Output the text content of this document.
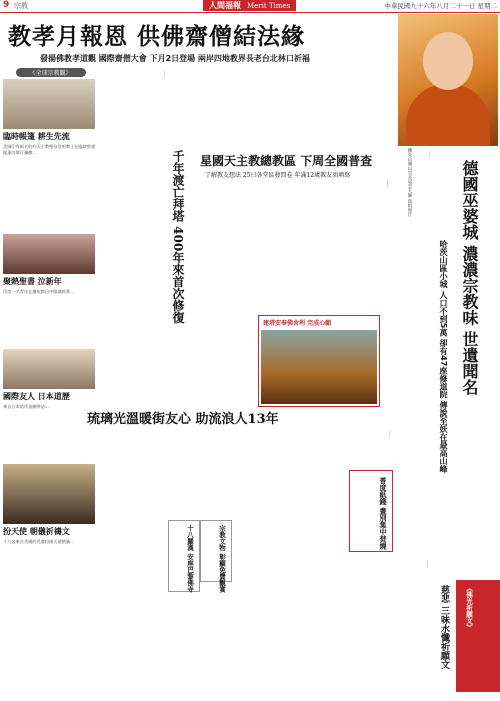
9 宗教	人間福報 Merit Times	中華民國九十六年八月二十一日 星期二
教孝月報恩 供佛齋僧結法緣
發揚佛教孝道觀 國際齋僧大會 下月2日登場 兩岸四地教界長老台北林口祈福
佛光山開山宗長星雲大師 資料照片
《全球宗教觀》
臨時帳篷 耕生先流
美國印有兩名的約天主教聖母堂的教士在臨時搭建帳篷內舉行彌撒…
聚熱聖書 泣新年
印度一名青年在慶祝節日中閱讀經書…
國際友人 日本道歷
來自日本的代表團參訪…
扮天使 朝儀祈禱文
十九名來自美國的兒童扮演天使朝儀…
千年渡亡拜塔 400年來首次修復
……
星國天主教總教區 下周全國普查
了解教友想法 25日各堂區發問卷 年滿12歲教友須填寫
……
建塔安奉佛舍利 完成心願
琉璃光溫暖街友心 助流浪人13年
……
德國巫婆城 濃濃宗教味 世遺聞名
哈茨山區小城 人口不到5萬 卻有47座修道院 傳說至妖在最高山峰
……
普度紙錢 畫別集中焚燒
宗教文物 彰顯免費觀賞
十八羅漢 安座巴黎佛寺
《佛光祈願文》
慈悲 三味水懺祈願文
……
